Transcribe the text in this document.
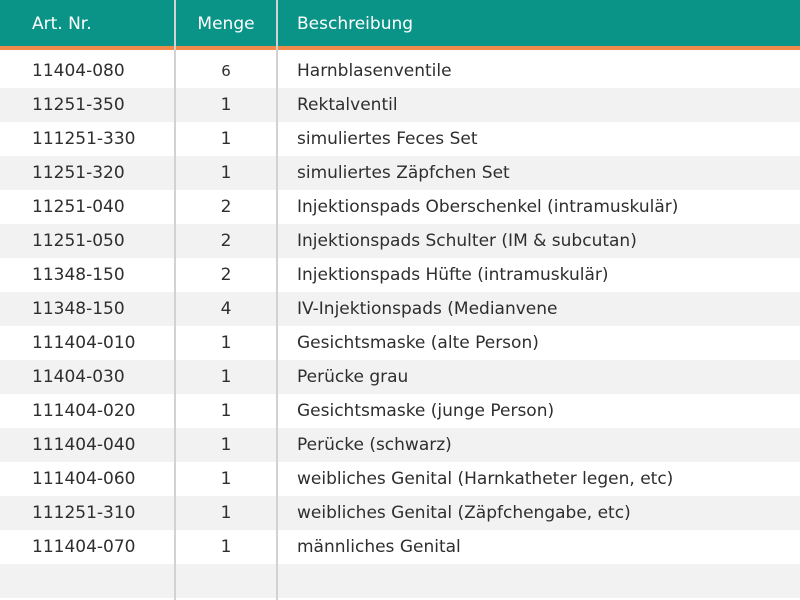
Art. Nr.	Menge	Beschreibung
11404-080	6	Harnblasenventile
11251-350	1	Rektalventil
111251-330	1	simuliertes Feces Set
11251-320	1	simuliertes Zäpfchen Set
11251-040	2	Injektionspads Oberschenkel (intramuskulär)
11251-050	2	Injektionspads Schulter (IM & subcutan)
11348-150	2	Injektionspads Hüfte (intramuskulär)
11348-150	4	IV-Injektionspads (Medianvene
111404-010	1	Gesichtsmaske (alte Person)
11404-030	1	Perücke grau
111404-020	1	Gesichtsmaske (junge Person)
111404-040	1	Perücke (schwarz)
111404-060	1	weibliches Genital (Harnkatheter legen, etc)
111251-310	1	weibliches Genital (Zäpfchengabe, etc)
111404-070	1	männliches Genital
